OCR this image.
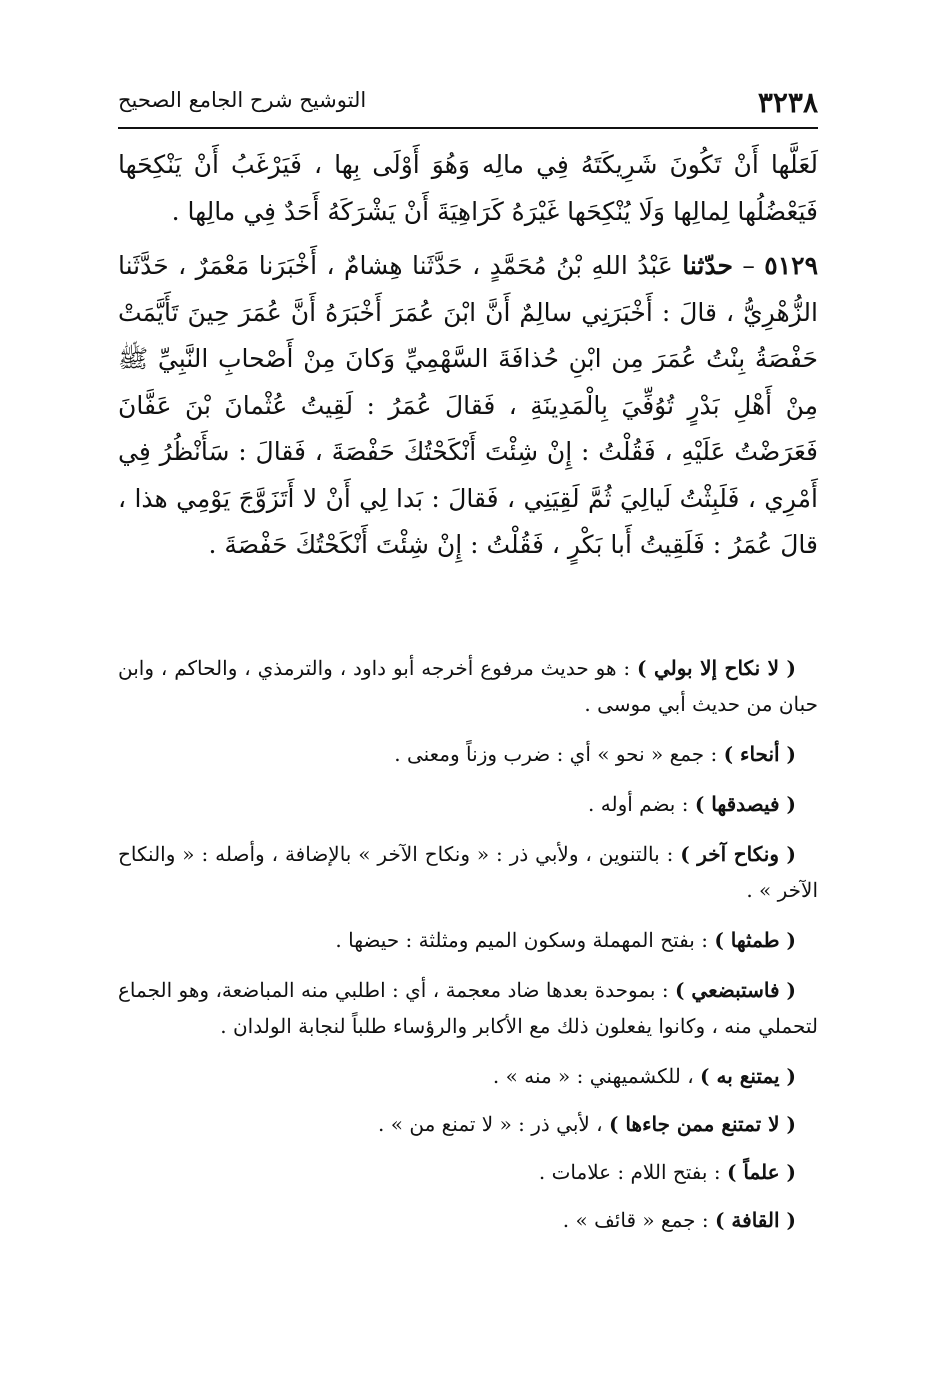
٣٢٣٨
التوشيح شرح الجامع الصحيح

لَعَلَّها أَنْ تَكُونَ شَرِيكَتَهُ فِي مالِه وَهُوَ أَوْلَى بِها ، فَيَرْغَبُ أَنْ يَنْكِحَها فَيَعْضُلُها لِمالِها وَلَا يُنْكِحَها غَيْرَهُ كَرَاهِيَةَ أَنْ يَشْرَكَهُ أَحَدٌ فِي مالِها .

٥١٢٩ – حدّثنا عَبْدُ اللهِ بْنُ مُحَمَّدٍ ، حَدَّثَنا هِشامٌ ، أَخْبَرَنا مَعْمَرٌ ، حَدَّثَنا الزُّهْرِيُّ ، قالَ : أَخْبَرَنِي سالِمٌ أَنَّ ابْنَ عُمَرَ أَخْبَرَهُ أَنَّ عُمَرَ حِينَ تَأَيَّمَتْ حَفْصَةُ بِنْتُ عُمَرَ مِن ابْنِ حُذافَةَ السَّهْمِيِّ وَكانَ مِنْ أَصْحابِ النَّبِيِّ ﷺ مِنْ أَهْلِ بَدْرٍ تُوُفِّيَ بِالْمَدِينَةِ ، فَقالَ عُمَرُ : لَقِيتُ عُثْمانَ بْنَ عَفَّانَ فَعَرَضْتُ عَلَيْهِ ، فَقُلْتُ : إِنْ شِئْتَ أَنْكَحْتُكَ حَفْصَةَ ، فَقالَ : سَأَنْظُرُ فِي أَمْرِي ، فَلَبِثْتُ لَيالِيَ ثُمَّ لَقِيَنِي ، فَقالَ : بَدا لِي أَنْ لا أَتَزَوَّجَ يَوْمِي هذا ، قالَ عُمَرُ : فَلَقِيتُ أَبا بَكْرٍ ، فَقُلْتُ : إِنْ شِئْتَ أَنْكَحْتُكَ حَفْصَةَ .

( لا نكاح إلا بولي ) : هو حديث مرفوع أخرجه أبو داود ، والترمذي ، والحاكم ، وابن حبان من حديث أبي موسى .

( أنحاء ) : جمع « نحو » أي : ضرب وزناً ومعنى .

( فيصدقها ) : بضم أوله .

( ونكاح آخر ) : بالتنوين ، ولأبي ذر : « ونكاح الآخر » بالإضافة ، وأصله : « والنكاح الآخر » .

( طمثها ) : بفتح المهملة وسكون الميم ومثلثة : حيضها .

( فاستبضعي ) : بموحدة بعدها ضاد معجمة ، أي : اطلبي منه المباضعة، وهو الجماع لتحملي منه ، وكانوا يفعلون ذلك مع الأكابر والرؤساء طلباً لنجابة الولدان .

( يمتنع به ) ، للكشميهني : « منه » .

( لا تمتنع ممن جاءها ) ، لأبي ذر : « لا تمنع من » .

( علماً ) : بفتح اللام : علامات .

( القافة ) : جمع « قائف » .
